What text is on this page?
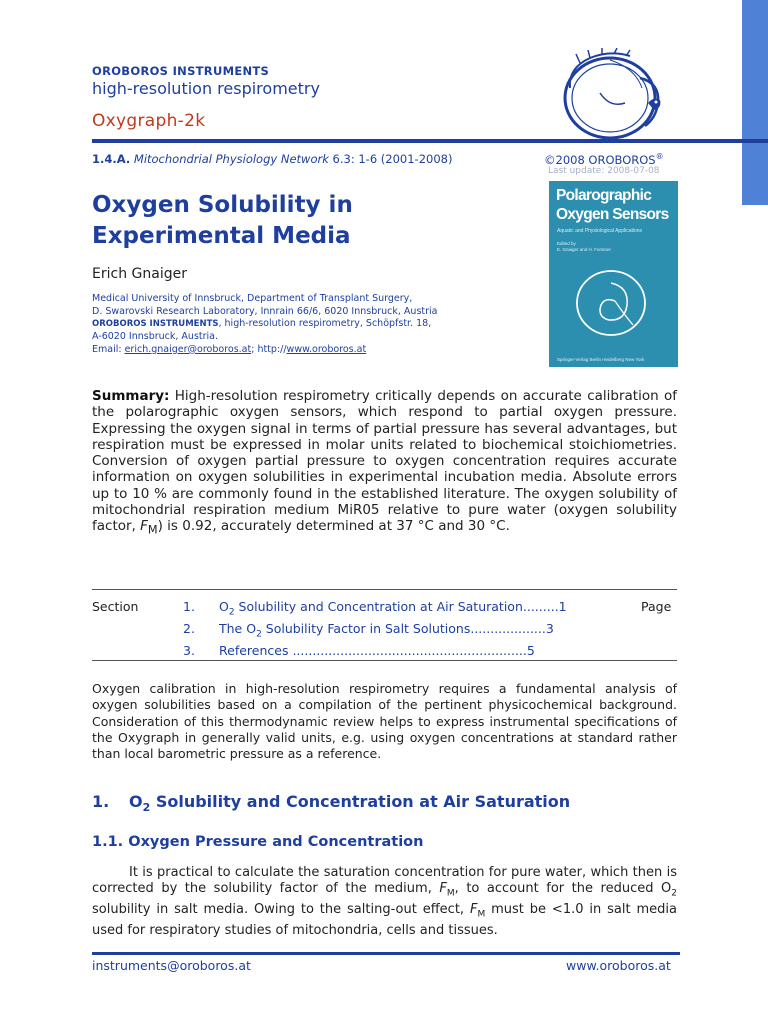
OROBOROS INSTRUMENTS
high-resolution respirometry
Oxygraph-2k
1.4.A. Mitochondrial Physiology Network 6.3: 1-6 (2001-2008)	©2008 OROBOROS®
Last update: 2008-07-08
Oxygen Solubility in
Experimental Media
Erich Gnaiger
Medical University of Innsbruck, Department of Transplant Surgery,
D. Swarovski Research Laboratory, Innrain 66/6, 6020 Innsbruck, Austria
OROBOROS INSTRUMENTS, high-resolution respirometry, Schöpfstr. 18,
A-6020 Innsbruck, Austria.
Email: erich.gnaiger@oroboros.at; http://www.oroboros.at
Polarographic
Oxygen Sensors
Aquatic and Physiological Applications
Edited by
E. Gnaiger and H. Forstner
Springer-Verlag Berlin Heidelberg New York
Summary: High-resolution respirometry critically depends on accurate calibration of the polarographic oxygen sensors, which respond to partial oxygen pressure. Expressing the oxygen signal in terms of partial pressure has several advantages, but respiration must be expressed in molar units related to biochemical stoichiometries. Conversion of oxygen partial pressure to oxygen concentration requires accurate information on oxygen solubilities in experimental incubation media. Absolute errors up to 10 % are commonly found in the established literature. The oxygen solubility of mitochondrial respiration medium MiR05 relative to pure water (oxygen solubility factor, $F_M$) is 0.92, accurately determined at 37 °C and 30 °C.
Section	Page
1.	$O_2$ Solubility and Concentration at Air Saturation.........1
2.	The $O_2$ Solubility Factor in Salt Solutions...................3
3.	References ...........................................................5
Oxygen calibration in high-resolution respirometry requires a fundamental analysis of oxygen solubilities based on a compilation of the pertinent physicochemical background. Consideration of this thermodynamic review helps to express instrumental specifications of the Oxygraph in generally valid units, e.g. using oxygen concentrations at standard rather than local barometric pressure as a reference.
1. $O_2$ Solubility and Concentration at Air Saturation
1.1. Oxygen Pressure and Concentration
It is practical to calculate the saturation concentration for pure water, which then is corrected by the solubility factor of the medium, $F_M$, to account for the reduced $O_2$ solubility in salt media. Owing to the salting-out effect, $F_M$ must be <1.0 in salt media used for respiratory studies of mitochondria, cells and tissues.
instruments@oroboros.at	www.oroboros.at
